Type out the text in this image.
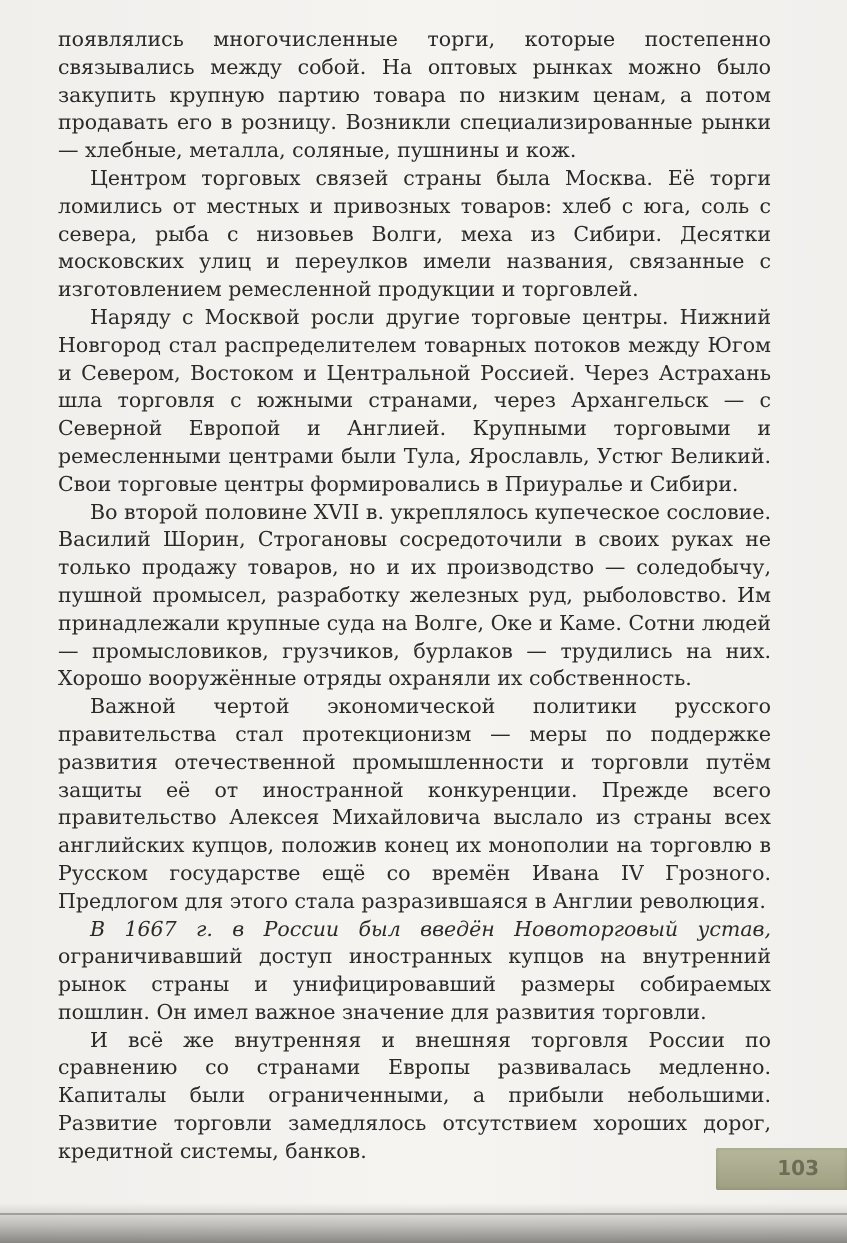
появлялись многочисленные торги, которые постепенно связывались между собой. На оптовых рынках можно было закупить крупную партию товара по низким ценам, а потом продавать его в розницу. Возникли специализированные рынки — хлебные, металла, соляные, пушнины и кож.

Центром торговых связей страны была Москва. Её торги ломились от местных и привозных товаров: хлеб с юга, соль с севера, рыба с низовьев Волги, меха из Сибири. Десятки московских улиц и переулков имели названия, связанные с изготовлением ремесленной продукции и торговлей.

Наряду с Москвой росли другие торговые центры. Нижний Новгород стал распределителем товарных потоков между Югом и Севером, Востоком и Центральной Россией. Через Астрахань шла торговля с южными странами, через Архангельск — с Северной Европой и Англией. Крупными торговыми и ремесленными центрами были Тула, Ярославль, Устюг Великий. Свои торговые центры формировались в Приуралье и Сибири.

Во второй половине XVII в. укреплялось купеческое сословие. Василий Шорин, Строгановы сосредоточили в своих руках не только продажу товаров, но и их производство — соледобычу, пушной промысел, разработку железных руд, рыболовство. Им принадлежали крупные суда на Волге, Оке и Каме. Сотни людей — промысловиков, грузчиков, бурлаков — трудились на них. Хорошо вооружённые отряды охраняли их собственность.

Важной чертой экономической политики русского правительства стал протекционизм — меры по поддержке развития отечественной промышленности и торговли путём защиты её от иностранной конкуренции. Прежде всего правительство Алексея Михайловича выслало из страны всех английских купцов, положив конец их монополии на торговлю в Русском государстве ещё со времён Ивана IV Грозного. Предлогом для этого стала разразившаяся в Англии революция.

В 1667 г. в России был введён Новоторговый устав, ограничивавший доступ иностранных купцов на внутренний рынок страны и унифицировавший размеры собираемых пошлин. Он имел важное значение для развития торговли.

И всё же внутренняя и внешняя торговля России по сравнению со странами Европы развивалась медленно. Капиталы были ограниченными, а прибыли небольшими. Развитие торговли замедлялось отсутствием хороших дорог, кредитной системы, банков.

103
